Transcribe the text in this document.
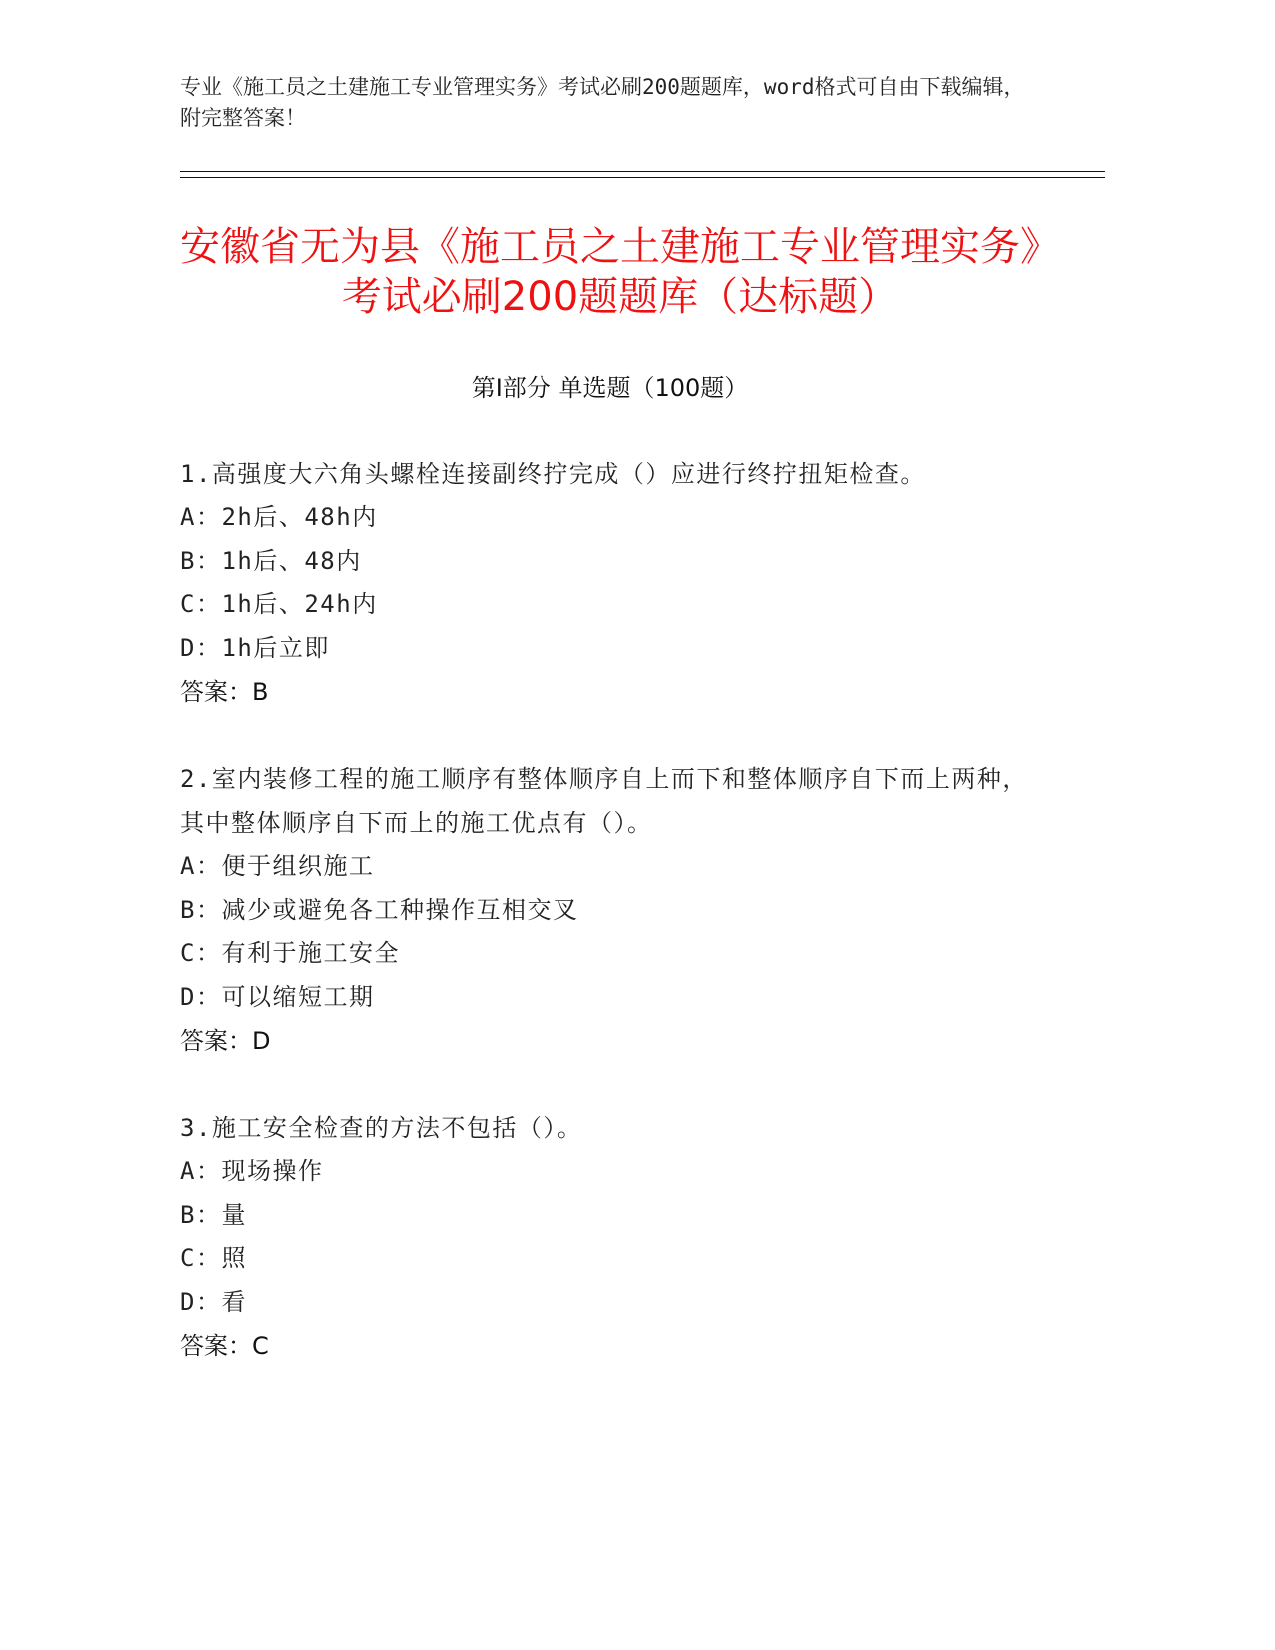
专业《施工员之土建施工专业管理实务》考试必刷200题题库，word格式可自由下载编辑，附完整答案！
安徽省无为县《施工员之土建施工专业管理实务》考试必刷200题题库（达标题）
第Ⅰ部分 单选题（100题）
1.高强度大六角头螺栓连接副终拧完成（）应进行终拧扭矩检查。
A：2h后、48h内
B：1h后、48内
C：1h后、24h内
D：1h后立即
答案：B
2.室内装修工程的施工顺序有整体顺序自上而下和整体顺序自下而上两种，其中整体顺序自下而上的施工优点有（）。
A：便于组织施工
B：减少或避免各工种操作互相交叉
C：有利于施工安全
D：可以缩短工期
答案：D
3.施工安全检查的方法不包括（）。
A：现场操作
B：量
C：照
D：看
答案：C
